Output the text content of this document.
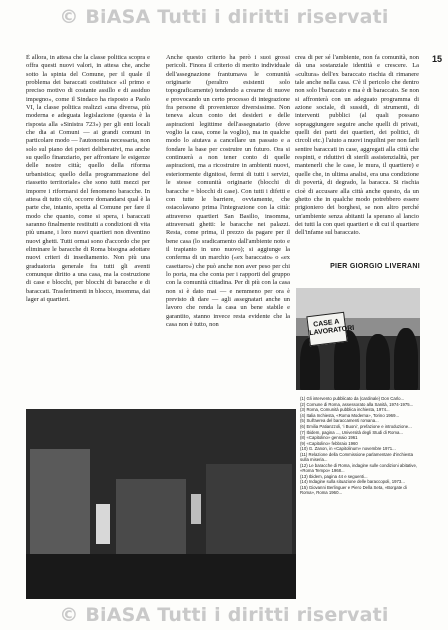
© BiASA Tutti i diritti riservati
15

È allora, in attesa che la classe politica scopra e offra questi nuovi valori, in attesa che, anche sotto la spinta del Comune, per il quale il problema dei baraccati costituisce «il primo e preciso motivo di costante assillo e di assiduo impegno», come il Sindaco ha risposto a Paolo VI, la classe politica realizzi «una diversa, più moderna e adeguata legislazione (questa è la risposta alla «Sinistra 723») per gli enti locali che dia ai Comuni — ai grandi comuni in particolare modo — l'autonomia necessaria, non solo sul piano dei poteri deliberativi, ma anche su quello finanziario, per affrontare le esigenze delle nostre città; quello della riforma urbanistica; quello della programmazione del riassetto territoriale» che sono tutti mezzi per imporre i riformarsi del fenomeno baracche. In attesa di tutto ciò, occorre domandarsi qual è la parte che, intanto, spetta al Comune per fare il modo che quanto, come si spera, i baraccati saranno finalmente restituiti a condizioni di vita più umane, i loro nuovi quartieri non diventino nuovi ghetti. Tutti ormai sono d'accordo che per eliminare le baracche di Roma bisogna adottare nuovi criteri di insediamento. Non più una graduatoria generale fra tutti gli aventi comunque diritto a una casa, ma la costruzione di case e blocchi, per blocchi di baracche e di baraccati. Trasferimenti in blocco, insomma, dai lager ai quartieri.

Anche questo criterio ha però i suoi grossi pericoli. Finora il criterio di merito individuale dell'assegnazione frantumava le comunità originarie (peraltro esistenti solo topograficamente) tendendo a crearne di nuove e provocando un certo processo di integrazione fra persone di provenienze diversissime. Non teneva alcun conto dei desideri e delle aspirazioni legittime dell'assegnatario (dove voglio la casa, come la voglio), ma in qualche modo lo aiutava a cancellare un passato e a fondare la base per costruire un futuro. Ora si continuerà a non tener conto di quelle aspirazioni, ma a ricostruire in ambienti nuovi, esteriormente dignitosi, fermi di tutti i servizi, le stesse comunità originarie (blocchi di baracche = blocchi di case). Con tutti i difetti e con tutte le barriere, ovviamente, che ostacolavano prima l'integrazione con la città: attraverso quartieri San Basilio, insomma, attraversati ghetti: le baracche nei palazzi. Resta, come prima, il prezzo da pagare per il bene casa (lo sradicamento dall'ambiente noto e il trapianto in uno nuovo); si aggiunge la conferma di un marchio («ex baraccato» o «ex casettaro») che può anche non aver peso per chi lo porta, ma che conta per i rapporti del gruppo con la comunità cittadina. Per di più con la casa non si è dato mai — e nemmeno per ora è previsto di dare — agli assegnatari anche un lavoro che renda la casa un bene stabile e garantito, stanno invece resta evidente che la casa non è tutto, non

crea di per sé l'ambiente, non fa comunità, non dà una sostanziale identità e crescere. La «cultura» dell'ex baraccato rischia di rimanere tale anche nella casa. C'è il pericolo che dentro non solo l'baraccato e ma è di baraccato. Se non si affronterà con un adeguato programma di azione sociale, di sussidi, di strumenti, di interventi pubblici (al quali possano sopraggiungere seguire anche quelli di privati, quelli dei parti dei quartieri, dei politici, di circoli etc.) l'aiuto a nuovi inquilini per non farli sentire baraccati in case, aggregati alla città che respinti, e riduttivi di sterili assistenzialità, per mantenerli che le case, le mura, il quartiere) e quelle che, in ultima analisi, era una condizione di povertà, di degrado, la baracca. Si rischia cioè di accusare alla città anche questo, da un ghetto che in qualche modo potrebbero essere prigioniero dei borghesi, se non altro perché un'ambiente senza abitanti la sperano al lancio dei tutti la con quei quartieri e di cui il quartiere dell'infame sul baraccato.

PIER GIORGIO LIVERANI
CASE A LAVORATORI
(1) Gli intervento pubblicato da (cardinale) Don Carlo...
(2) Comune di Roma, assessorato alla Sanità, 1974-1975...
(3) Roma, Comunità pubblica inchiesta, 1974...
(4) Italia Inchiesta, «Roma Moderna», Torino 1969...
(5) Sull'aerea del baraccamenti romana...
(6) Emilia Patianzzoli, ‘i Buoni’, prefazione e introduzione...
(7) Ibidem, pagina ..., Università degli Studi di Roma...
(8) «Capitolino» gennaio 1961
(9) «Capitolino» febbraio 1960
(10) G. Zanon, in «Capitolinum» novembre 1971...
(11) Relazione della Commissione parlamentare d'inchiesta sulla miseria...
(12) Le baracche di Roma, indagine sulle condizioni abitative, «Roma Tempo» 1968...
(13) Ibidem, pagina 44 e seguenti...
(14) Indagine sulla situazione delle baraccopoli, 1973...
(15) Giovanni Berlinguer e Piero Della Seta, «Borgate di Roma», Roma 1960...
© BiASA Tutti i diritti riservati
